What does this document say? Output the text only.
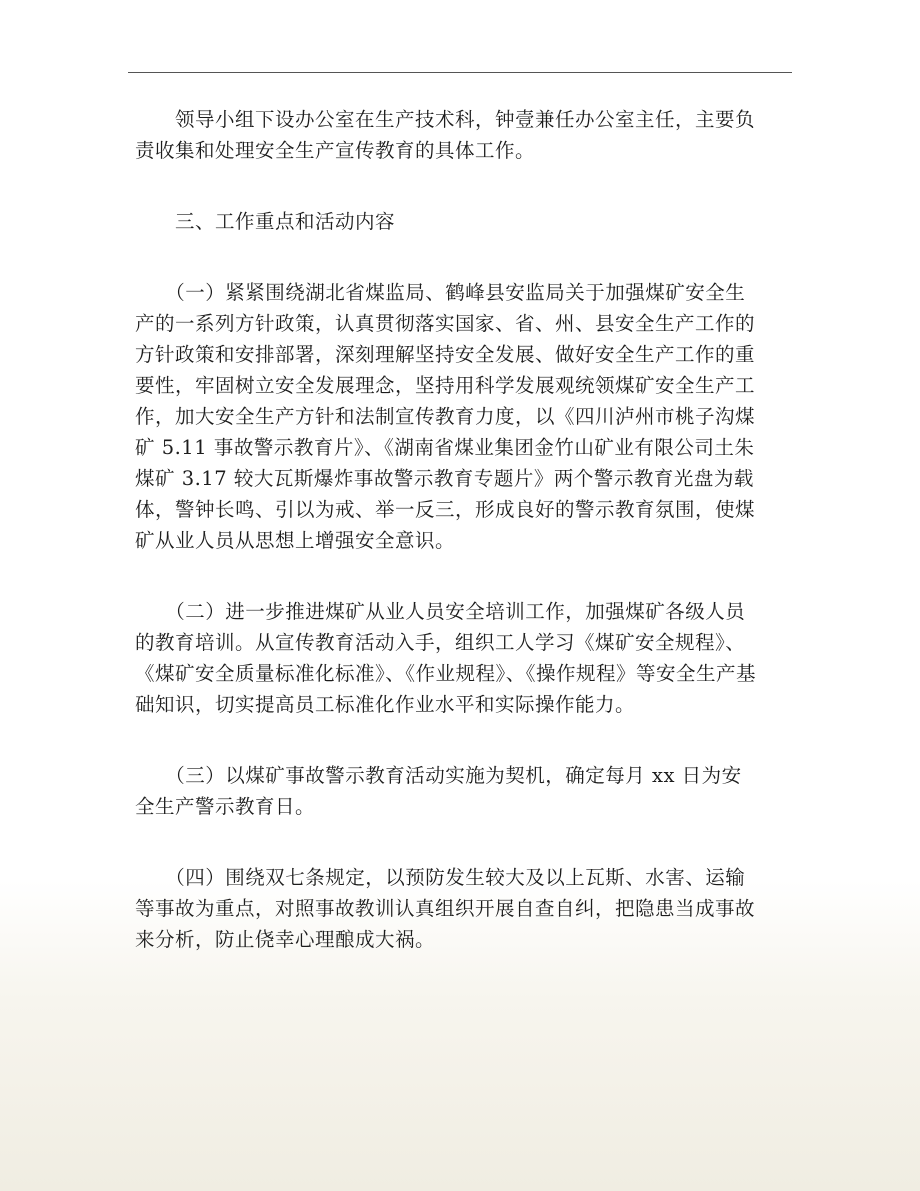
　　领导小组下设办公室在生产技术科，钟壹兼任办公室主任，主要负
责收集和处理安全生产宣传教育的具体工作。
　　三、工作重点和活动内容
　　（一）紧紧围绕湖北省煤监局、鹤峰县安监局关于加强煤矿安全生
产的一系列方针政策，认真贯彻落实国家、省、州、县安全生产工作的
方针政策和安排部署，深刻理解坚持安全发展、做好安全生产工作的重
要性，牢固树立安全发展理念，坚持用科学发展观统领煤矿安全生产工
作，加大安全生产方针和法制宣传教育力度，以《四川泸州市桃子沟煤
矿 5.11 事故警示教育片》、《湖南省煤业集团金竹山矿业有限公司土朱
煤矿 3.17 较大瓦斯爆炸事故警示教育专题片》两个警示教育光盘为载
体，警钟长鸣、引以为戒、举一反三，形成良好的警示教育氛围，使煤
矿从业人员从思想上增强安全意识。
　　（二）进一步推进煤矿从业人员安全培训工作，加强煤矿各级人员
的教育培训。从宣传教育活动入手，组织工人学习《煤矿安全规程》、
《煤矿安全质量标准化标准》、《作业规程》、《操作规程》等安全生产基
础知识，切实提高员工标准化作业水平和实际操作能力。
　　（三）以煤矿事故警示教育活动实施为契机，确定每月 xx 日为安
全生产警示教育日。
　　（四）围绕双七条规定，以预防发生较大及以上瓦斯、水害、运输
等事故为重点，对照事故教训认真组织开展自查自纠，把隐患当成事故
来分析，防止侥幸心理酿成大祸。
